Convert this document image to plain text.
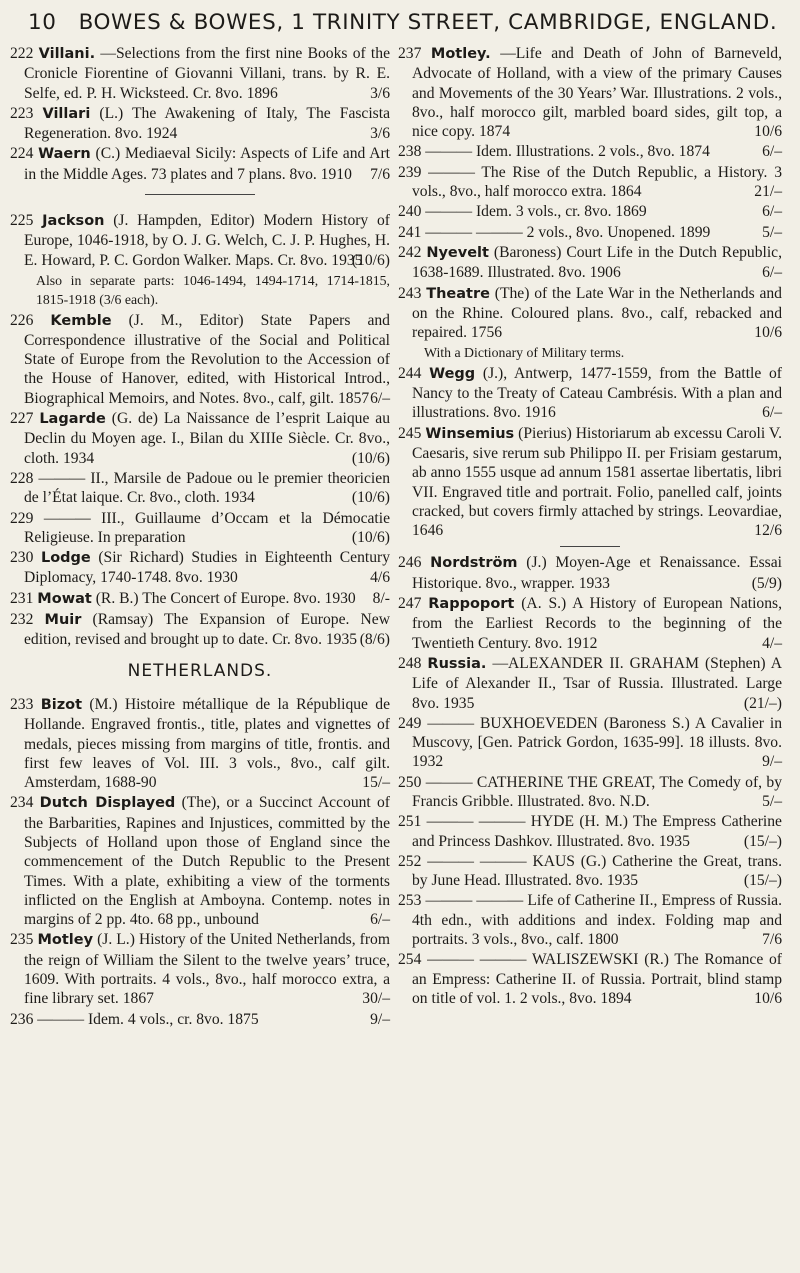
10 BOWES & BOWES, 1 TRINITY STREET, CAMBRIDGE, ENGLAND.

222 Villani. —Selections from the first nine Books of the Cronicle Fiorentine of Giovanni Villani, trans. by R. E. Selfe, ed. P. H. Wicksteed. Cr. 8vo. 1896	3/6

223 Villari (L.) The Awakening of Italy, The Fascista Regeneration. 8vo. 1924	3/6

224 Waern (C.) Mediaeval Sicily: Aspects of Life and Art in the Middle Ages. 73 plates and 7 plans. 8vo. 1910 7/6

225 Jackson (J. Hampden, Editor) Modern History of Europe, 1046-1918, by O. J. G. Welch, C. J. P. Hughes, H. E. Howard, P. C. Gordon Walker. Maps. Cr. 8vo. 1935
(10/6)

Also in separate parts: 1046-1494, 1494-1714, 1714-1815, 1815-1918 (3/6 each).

226 Kemble (J. M., Editor) State Papers and Correspondence illustrative of the Social and Political State of Europe from the Revolution to the Accession of the House of Hanover, edited, with Historical Introd., Biographical Memoirs, and Notes. 8vo., calf, gilt. 1857 6/–

227 Lagarde (G. de) La Naissance de l’esprit Laique au Declin du Moyen age. I., Bilan du XIIIe Siècle. Cr. 8vo., cloth. 1934	(10/6)

228 ——— II., Marsile de Padoue ou le premier theoricien de l’État laique. Cr. 8vo., cloth. 1934	(10/6)

229 ——— III., Guillaume d’Occam et la Démocatie Religieuse. In preparation	(10/6)

230 Lodge (Sir Richard) Studies in Eighteenth Century Diplomacy, 1740-1748. 8vo. 1930	4/6

231 Mowat (R. B.) The Concert of Europe. 8vo. 1930 8/-

232 Muir (Ramsay) The Expansion of Europe. New edition, revised and brought up to date. Cr. 8vo. 1935 (8/6)

NETHERLANDS.

233 Bizot (M.) Histoire métallique de la République de Hollande. Engraved frontis., title, plates and vignettes of medals, pieces missing from margins of title, frontis. and first few leaves of Vol. III. 3 vols., 8vo., calf gilt. Amsterdam, 1688-90	15/–

234 Dutch Displayed (The), or a Succinct Account of the Barbarities, Rapines and Injustices, committed by the Subjects of Holland upon those of England since the commencement of the Dutch Republic to the Present Times. With a plate, exhibiting a view of the torments inflicted on the English at Amboyna. Contemp. notes in margins of 2 pp. 4to. 68 pp., unbound	6/–

235 Motley (J. L.) History of the United Netherlands, from the reign of William the Silent to the twelve years’ truce, 1609. With portraits. 4 vols., 8vo., half morocco extra, a fine library set. 1867	30/–

236 ——— Idem. 4 vols., cr. 8vo. 1875	9/–

237 Motley. —Life and Death of John of Barneveld, Advocate of Holland, with a view of the primary Causes and Movements of the 30 Years’ War. Illustrations. 2 vols., 8vo., half morocco gilt, marbled board sides, gilt top, a nice copy. 1874	10/6

238 ——— Idem. Illustrations. 2 vols., 8vo. 1874	6/–

239 ——— The Rise of the Dutch Republic, a History. 3 vols., 8vo., half morocco extra. 1864	21/–

240 ——— Idem. 3 vols., cr. 8vo. 1869	6/–

241 ——— ——— 2 vols., 8vo. Unopened. 1899	5/–

242 Nyevelt (Baroness) Court Life in the Dutch Republic, 1638-1689. Illustrated. 8vo. 1906	6/–

243 Theatre (The) of the Late War in the Netherlands and on the Rhine. Coloured plans. 8vo., calf, rebacked and repaired. 1756	10/6

With a Dictionary of Military terms.

244 Wegg (J.), Antwerp, 1477-1559, from the Battle of Nancy to the Treaty of Cateau Cambrésis. With a plan and illustrations. 8vo. 1916	6/–

245 Winsemius (Pierius) Historiarum ab excessu Caroli V. Caesaris, sive rerum sub Philippo II. per Frisiam gestarum, ab anno 1555 usque ad annum 1581 assertae libertatis, libri VII. Engraved title and portrait. Folio, panelled calf, joints cracked, but covers firmly attached by strings. Leovardiae, 1646	12/6

246 Nordström (J.) Moyen-Age et Renaissance. Essai Historique. 8vo., wrapper. 1933	(5/9)

247 Rappoport (A. S.) A History of European Nations, from the Earliest Records to the beginning of the Twentieth Century. 8vo. 1912	4/–

248 Russia. —ALEXANDER II. GRAHAM (Stephen) A Life of Alexander II., Tsar of Russia. Illustrated. Large 8vo. 1935	(21/–)

249 ——— BUXHOEVEDEN (Baroness S.) A Cavalier in Muscovy, [Gen. Patrick Gordon, 1635-99]. 18 illusts. 8vo. 1932	9/–

250 ——— CATHERINE THE GREAT, The Comedy of, by Francis Gribble. Illustrated. 8vo. N.D.	5/–

251 ——— ——— HYDE (H. M.) The Empress Catherine and Princess Dashkov. Illustrated. 8vo. 1935	(15/–)

252 ——— ——— KAUS (G.) Catherine the Great, trans. by June Head. Illustrated. 8vo. 1935	(15/–)

253 ——— ——— Life of Catherine II., Empress of Russia. 4th edn., with additions and index. Folding map and portraits. 3 vols., 8vo., calf. 1800	7/6

254 ——— ——— WALISZEWSKI (R.) The Romance of an Empress: Catherine II. of Russia. Portrait, blind stamp on title of vol. 1. 2 vols., 8vo. 1894	10/6
